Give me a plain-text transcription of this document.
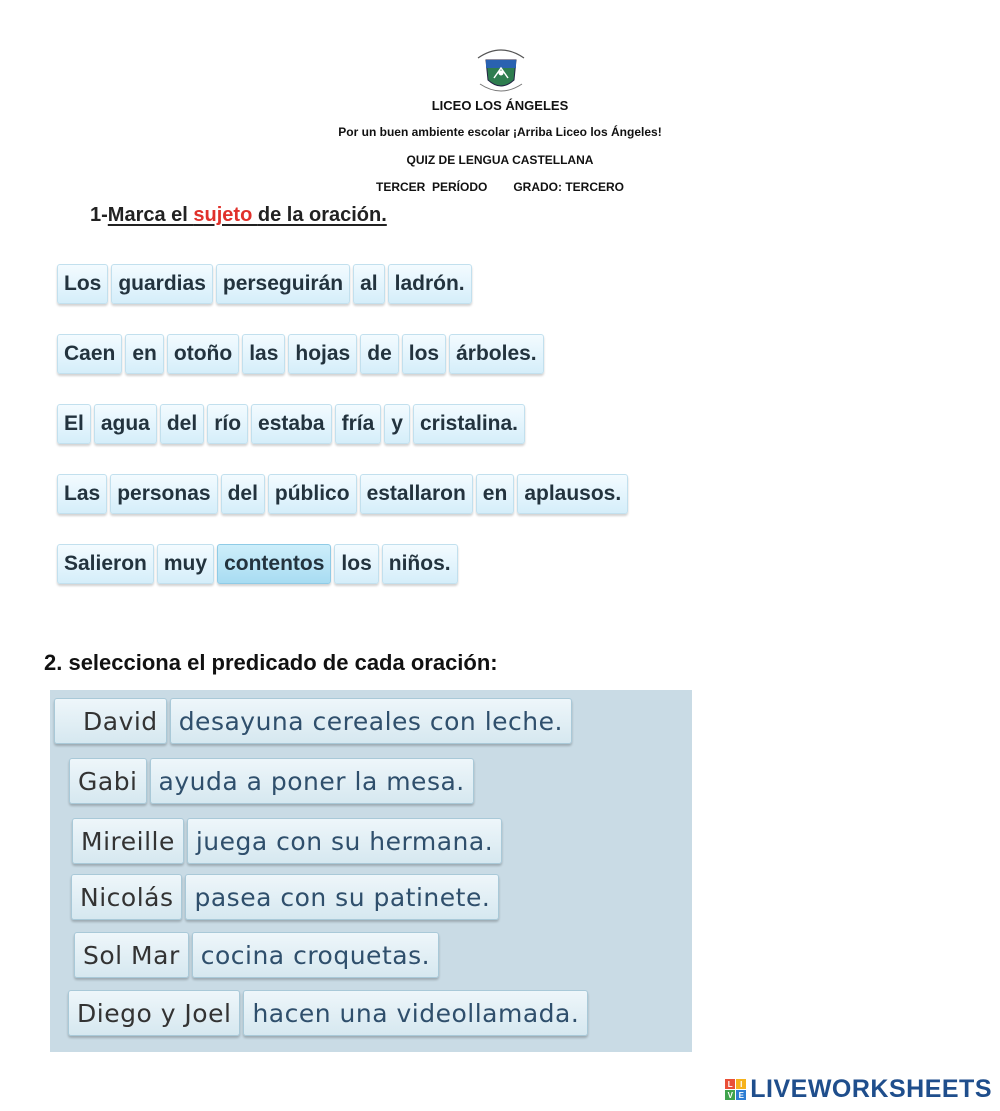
LICEO LOS ÁNGELES
Por un buen ambiente escolar ¡Arriba Liceo los Ángeles!
QUIZ DE LENGUA CASTELLANA
TERCER  PERÍODO GRADO: TERCERO
1-Marca el sujeto de la oración.
Los guardias perseguirán al ladrón.
Caen en otoño las hojas de los árboles.
El agua del río estaba fría y cristalina.
Las personas del público estallaron en aplausos.
Salieron muy contentos los niños.
2. selecciona el predicado de cada oración:
David desayuna cereales con leche.
Gabi ayuda a poner la mesa.
Mireille juega con su hermana.
Nicolás pasea con su patinete.
Sol Mar cocina croquetas.
Diego y Joel hacen una videollamada.
L I
V E LIVEWORKSHEETS
